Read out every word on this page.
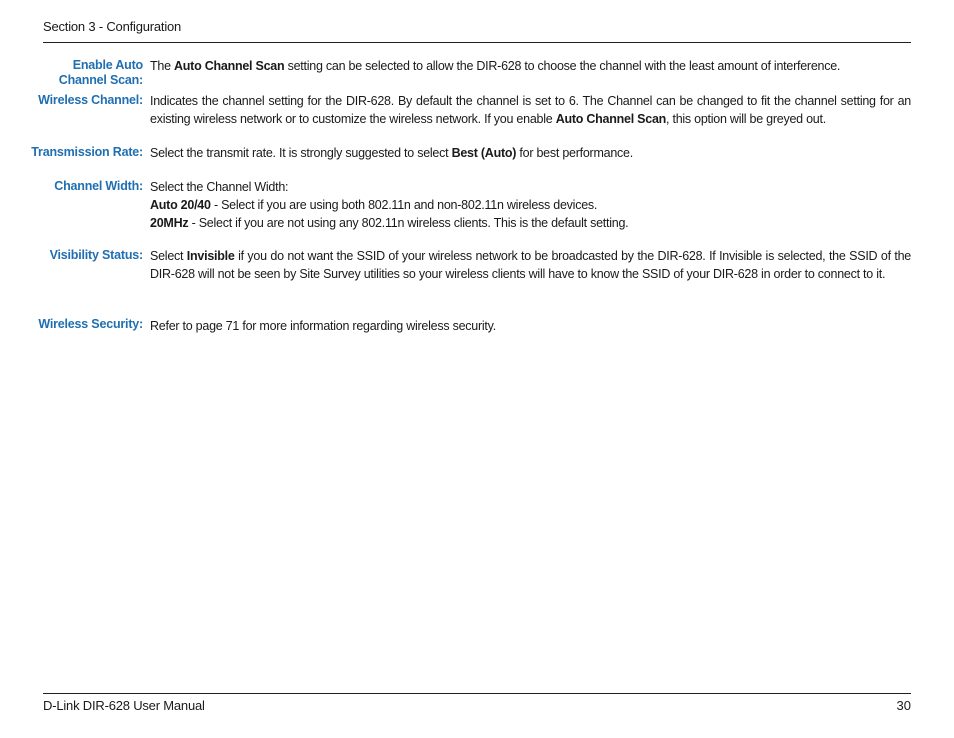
Section 3 - Configuration
Enable Auto
Channel Scan:
The Auto Channel Scan setting can be selected to allow the DIR-628 to choose the channel with the least amount of interference.
Wireless Channel: Indicates the channel setting for the DIR-628. By default the channel is set to 6. The Channel can be changed to fit the channel setting for an existing wireless network or to customize the wireless network. If you enable Auto Channel Scan, this option will be greyed out.
Transmission Rate: Select the transmit rate. It is strongly suggested to select Best (Auto) for best performance.
Channel Width: Select the Channel Width:
Auto 20/40 - Select if you are using both 802.11n and non-802.11n wireless devices.
20MHz - Select if you are not using any 802.11n wireless clients. This is the default setting.
Visibility Status: Select Invisible if you do not want the SSID of your wireless network to be broadcasted by the DIR-628. If Invisible is selected, the SSID of the DIR-628 will not be seen by Site Survey utilities so your wireless clients will have to know the SSID of your DIR-628 in order to connect to it.
Wireless Security: Refer to page 71 for more information regarding wireless security.
D-Link DIR-628 User Manual	30
